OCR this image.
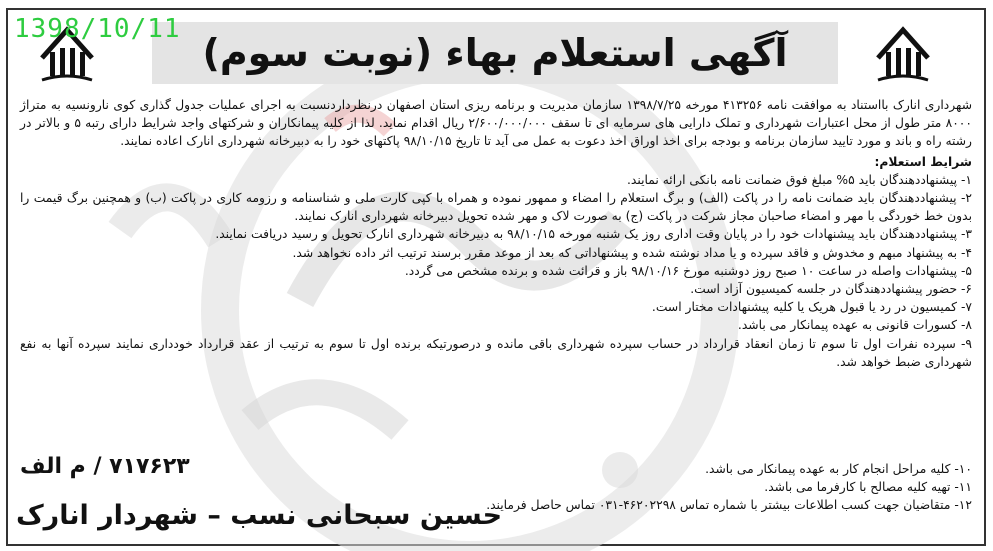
1398/10/11
آگهی استعلام بهاء (نوبت سوم)

شهرداری انارک بااستناد به موافقت نامه ۴۱۳۲۵۶ مورخه ۱۳۹۸/۷/۲۵ سازمان مدیریت و برنامه ریزی استان اصفهان درنظرداردنسبت به اجرای عملیات جدول گذاری کوی نارونسیه به متراژ ۸۰۰۰ متر طول از محل اعتبارات شهرداری و تملک دارایی های سرمایه ای تا سقف ۲/۶۰۰/۰۰۰/۰۰۰ ریال اقدام نماید. لذا از کلیه پیمانکاران و شرکتهای واجد شرایط دارای رتبه ۵ و بالاتر در رشته راه و باند و مورد تایید سازمان برنامه و بودجه برای اخذ اوراق اخذ دعوت به عمل می آید تا تاریخ ۹۸/۱۰/۱۵ پاکتهای خود را به دبیرخانه شهرداری انارک اعاده نمایند.

شرایط استعلام:

۱- پیشنهاددهندگان باید ۵% مبلغ فوق ضمانت نامه بانکی ارائه نمایند.
۲- پیشنهاددهندگان باید ضمانت نامه را در پاکت (الف) و برگ استعلام را امضاء و ممهور نموده و همراه با کپی کارت ملی و شناسنامه و رزومه کاری در پاکت (ب) و همچنین برگ قیمت را بدون خط خوردگی با مهر و امضاء صاحبان مجاز شرکت در پاکت (ج) به صورت لاک و مهر شده تحویل دبیرخانه شهرداری انارک نمایند.
۳- پیشنهاددهندگان باید پیشنهادات خود را در پایان وقت اداری روز یک شنبه مورخه ۹۸/۱۰/۱۵ به دبیرخانه شهرداری انارک تحویل و رسید دریافت نمایند.
۴- به پیشنهاد مبهم و مخدوش و فاقد سپرده و یا مداد نوشته شده و پیشنهاداتی که بعد از موعد مقرر برسند ترتیب اثر داده نخواهد شد.
۵- پیشنهادات واصله در ساعت ۱۰ صبح روز دوشنبه مورخ ۹۸/۱۰/۱۶ باز و قرائت شده و برنده مشخص می گردد.
۶- حضور پیشنهاددهندگان در جلسه کمیسیون آزاد است.
۷- کمیسیون در رد یا قبول هریک یا کلیه پیشنهادات مختار است.
۸- کسورات قانونی به عهده پیمانکار می باشد.
۹- سپرده نفرات اول تا سوم تا زمان انعقاد قرارداد در حساب سپرده شهرداری باقی مانده و درصورتیکه برنده اول تا سوم به ترتیب از عقد قرارداد خودداری نمایند سپرده آنها به نفع شهرداری ضبط خواهد شد.
۱۰- کلیه مراحل انجام کار به عهده پیمانکار می باشد.
۱۱- تهیه کلیه مصالح با کارفرما می باشد.
۱۲- متقاضیان جهت کسب اطلاعات بیشتر با شماره تماس ۴۶۲۰۲۲۹۸-۰۳۱ تماس حاصل فرمایند.
۷۱۷۶۲۳ / م الف
حسین سبحانی نسب – شهردار انارک
